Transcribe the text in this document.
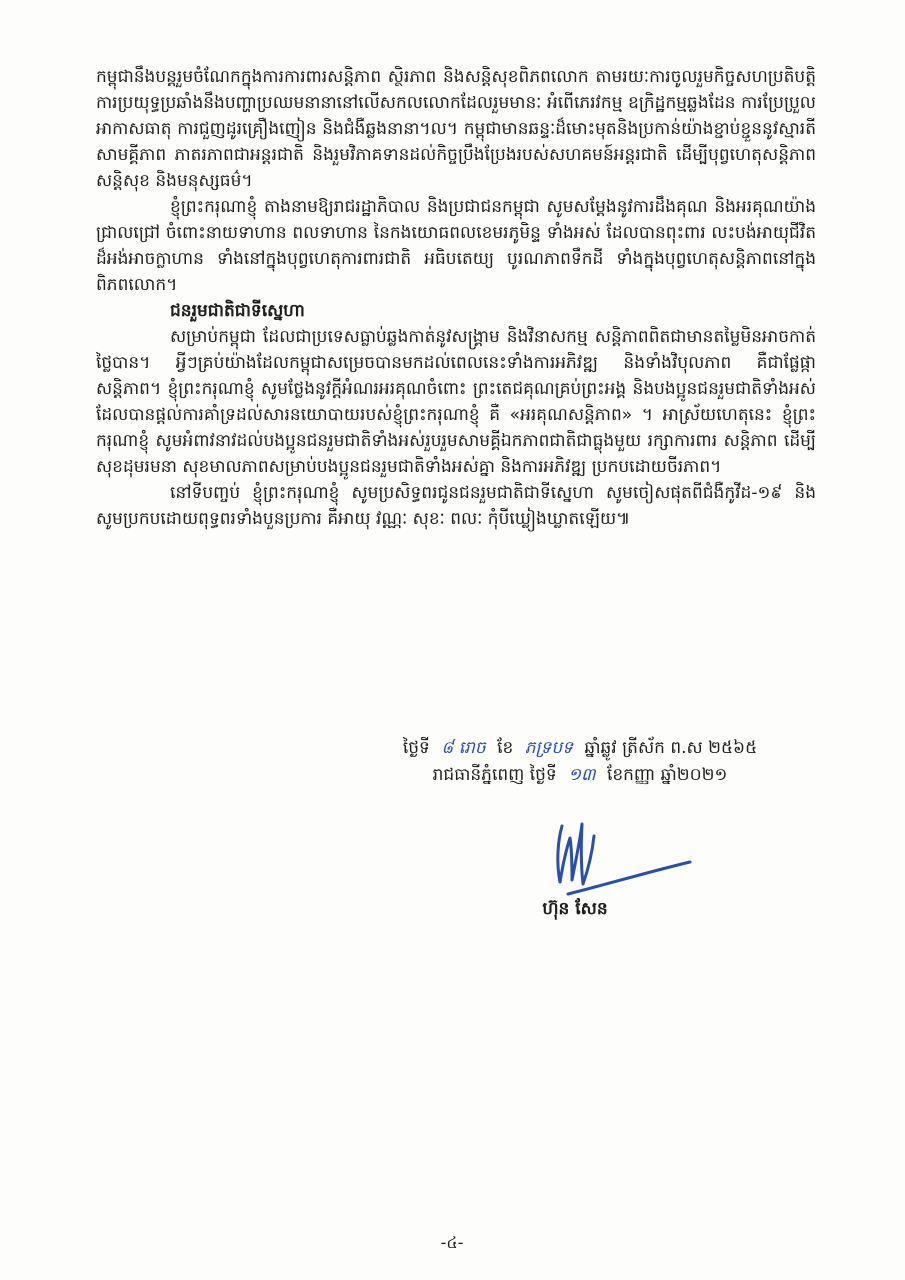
កម្ពុជានឹងបន្តរួមចំណែកក្នុងការការពារសន្តិភាព ស្ថិរភាព និងសន្តិសុខពិភពលោក តាមរយៈការចូលរួមកិច្ចសហប្រតិបត្តិការប្រយុទ្ធប្រឆាំងនឹងបញ្ហាប្រឈមនានានៅលើសកលលោកដែលរួមមានៈ អំពើភេរវកម្ម ឧក្រិដ្ឋកម្មឆ្លងដែន ការប្រែប្រួលអាកាសធាតុ ការជួញដូរគ្រឿងញៀន និងជំងឺឆ្លងនានា។ល។ កម្ពុជាមានឆន្ទៈដ៏មោះមុតនិងប្រកាន់យ៉ាងខ្ជាប់ខ្ជួននូវស្មារតីសាមគ្គីភាព ភាតរភាពជាអន្តរជាតិ និងរួមវិភាគទានដល់កិច្ចប្រឹងប្រែងរបស់សហគមន៍អន្តរជាតិ ដើម្បីបុព្វហេតុសន្តិភាព សន្តិសុខ និងមនុស្សធម៌។

ខ្ញុំព្រះករុណាខ្ញុំ តាងនាមឱ្យរាជរដ្ឋាភិបាល និងប្រជាជនកម្ពុជា សូមសម្ដែងនូវការដឹងគុណ និងអរគុណយ៉ាងជ្រាលជ្រៅ ចំពោះនាយទាហាន ពលទាហាន នៃកងយោធពលខេមរភូមិន្ទ ទាំងអស់ ដែលបានពុះពារ លះបង់អាយុជីវិតដ៏អង់អាចក្លាហាន ទាំងនៅក្នុងបុព្វហេតុការពារជាតិ អធិបតេយ្យ បូរណភាពទឹកដី ទាំងក្នុងបុព្វហេតុសន្តិភាពនៅក្នុងពិភពលោក។

ជនរួមជាតិជាទីស្នេហា

សម្រាប់កម្ពុជា ដែលជាប្រទេសធ្លាប់ឆ្លងកាត់នូវសង្គ្រាម និងវិនាសកម្ម សន្តិភាពពិតជាមានតម្លៃមិនអាចកាត់ថ្លៃបាន។ អ្វីៗគ្រប់យ៉ាងដែលកម្ពុជាសម្រេចបានមកដល់ពេលនេះទាំងការអភិវឌ្ឍ និងទាំងវិបុលភាព គឺជាផ្លែផ្កាសន្តិភាព។ ខ្ញុំព្រះករុណាខ្ញុំ សូមថ្លែងនូវក្តីអំណរអរគុណចំពោះ ព្រះតេជគុណគ្រប់ព្រះអង្គ និងបងប្អូនជនរួមជាតិទាំងអស់ ដែលបានផ្ដល់ការគាំទ្រដល់សារនយោបាយរបស់ខ្ញុំព្រះករុណាខ្ញុំ គឺ «អរគុណសន្តិភាព» ។ អាស្រ័យហេតុនេះ ខ្ញុំព្រះករុណាខ្ញុំ សូមអំពាវនាវដល់បងប្អូនជនរួមជាតិទាំងអស់រួបរួមសាមគ្គីឯកភាពជាតិជាធ្លុងមួយ រក្សាការពារ សន្តិភាព ដើម្បីសុខដុមរមនា សុខមាលភាពសម្រាប់បងប្អូនជនរួមជាតិទាំងអស់គ្នា និងការអភិវឌ្ឍ ប្រកបដោយចីរភាព។

នៅទីបញ្ចប់ ខ្ញុំព្រះករុណាខ្ញុំ សូមប្រសិទ្ធពរជូនជនរួមជាតិជាទីស្នេហា សូមចៀសផុតពីជំងឺកូវីដ-១៩ និងសូមប្រកបដោយពុទ្ធពរទាំងបួនប្រការ គឺអាយុ វណ្ណៈ សុខៈ ពលៈ កុំបីឃ្លៀងឃ្លាតឡើយ៕

ថ្ងៃទី ៨ រោច ខែ ភទ្របទ ឆ្នាំឆ្លូវ ត្រីស័ក ព.ស ២៥៦៥
រាជធានីភ្នំពេញ ថ្ងៃទី ១៣ ខែកញ្ញា ឆ្នាំ២០២១
ហ៊ុន សែន
-៤-
